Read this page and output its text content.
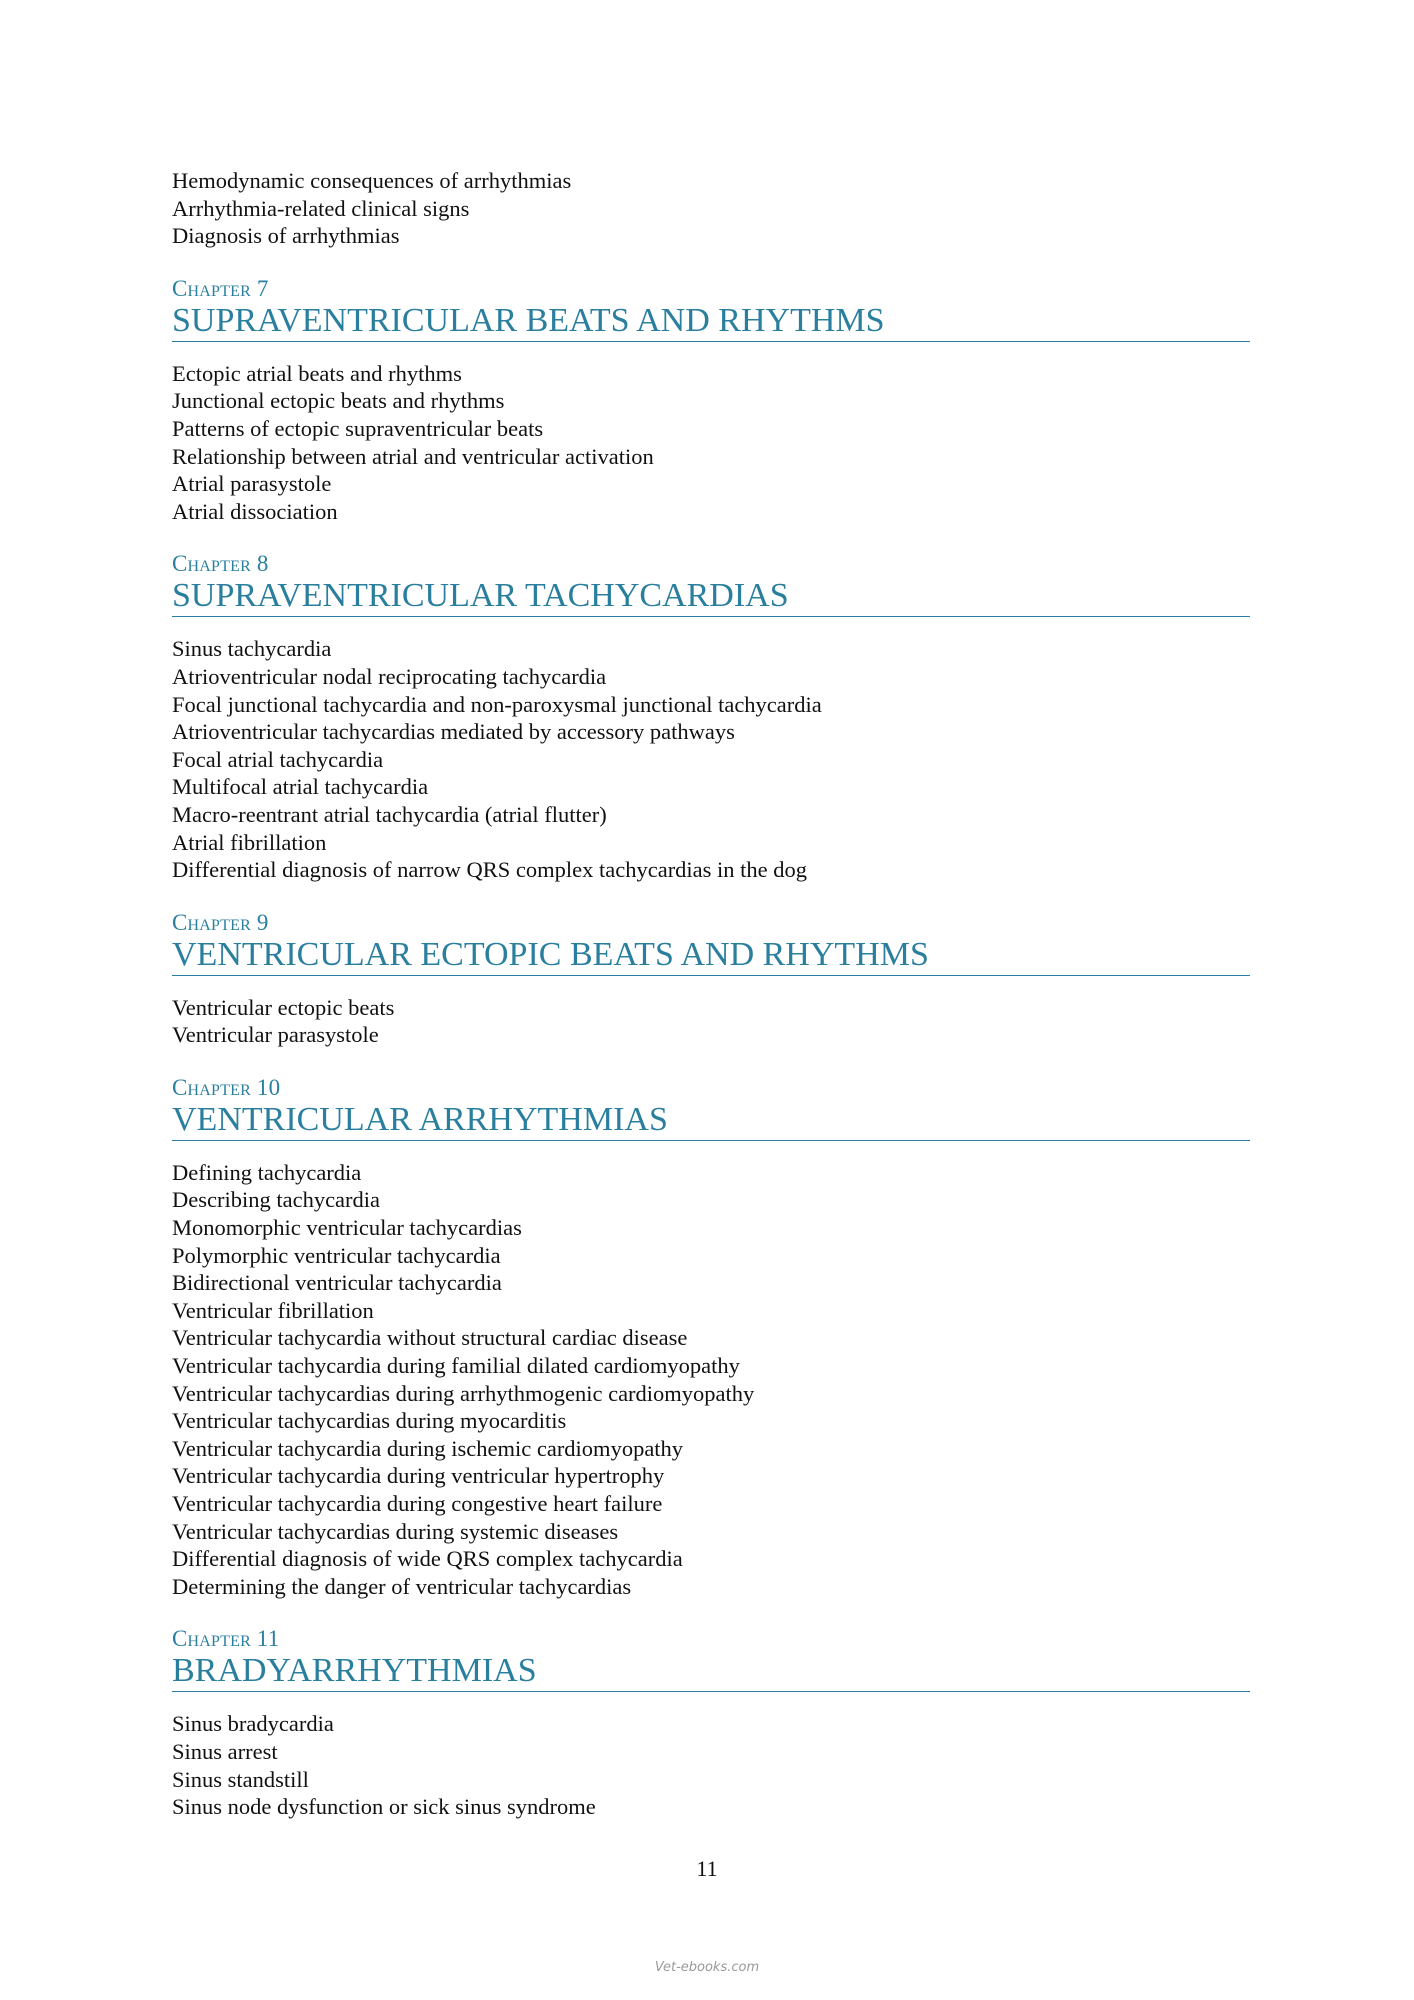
Hemodynamic consequences of arrhythmias
Arrhythmia-related clinical signs
Diagnosis of arrhythmias
Chapter 7
SUPRAVENTRICULAR BEATS AND RHYTHMS
Ectopic atrial beats and rhythms
Junctional ectopic beats and rhythms
Patterns of ectopic supraventricular beats
Relationship between atrial and ventricular activation
Atrial parasystole
Atrial dissociation
Chapter 8
SUPRAVENTRICULAR TACHYCARDIAS
Sinus tachycardia
Atrioventricular nodal reciprocating tachycardia
Focal junctional tachycardia and non-paroxysmal junctional tachycardia
Atrioventricular tachycardias mediated by accessory pathways
Focal atrial tachycardia
Multifocal atrial tachycardia
Macro-reentrant atrial tachycardia (atrial flutter)
Atrial fibrillation
Differential diagnosis of narrow QRS complex tachycardias in the dog
Chapter 9
VENTRICULAR ECTOPIC BEATS AND RHYTHMS
Ventricular ectopic beats
Ventricular parasystole
Chapter 10
VENTRICULAR ARRHYTHMIAS
Defining tachycardia
Describing tachycardia
Monomorphic ventricular tachycardias
Polymorphic ventricular tachycardia
Bidirectional ventricular tachycardia
Ventricular fibrillation
Ventricular tachycardia without structural cardiac disease
Ventricular tachycardia during familial dilated cardiomyopathy
Ventricular tachycardias during arrhythmogenic cardiomyopathy
Ventricular tachycardias during myocarditis
Ventricular tachycardia during ischemic cardiomyopathy
Ventricular tachycardia during ventricular hypertrophy
Ventricular tachycardia during congestive heart failure
Ventricular tachycardias during systemic diseases
Differential diagnosis of wide QRS complex tachycardia
Determining the danger of ventricular tachycardias
Chapter 11
BRADYARRHYTHMIAS
Sinus bradycardia
Sinus arrest
Sinus standstill
Sinus node dysfunction or sick sinus syndrome
11
Vet-ebooks.com
